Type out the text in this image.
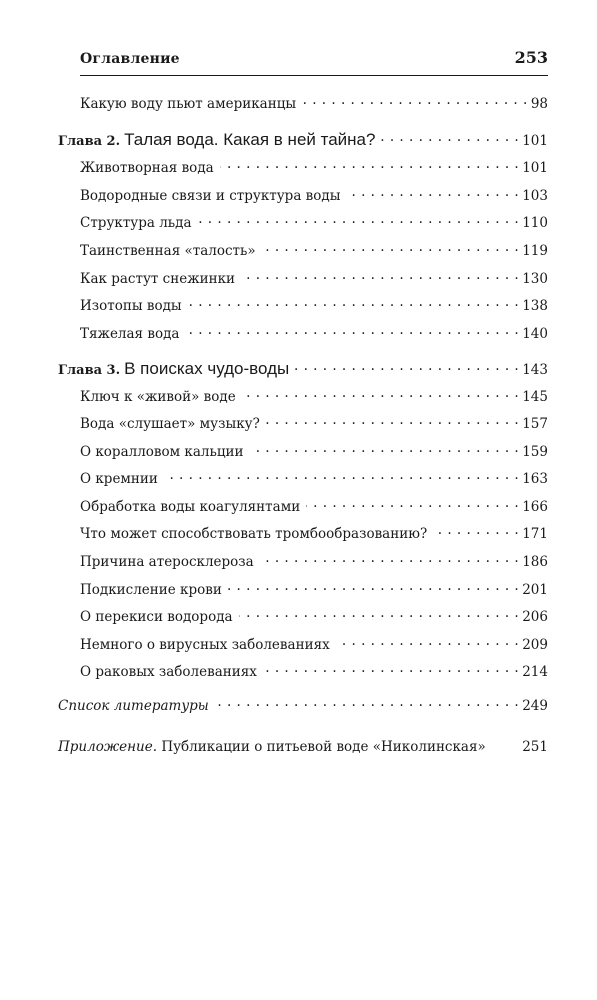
Оглавление	253
Какую воду пьют американцы . . .	98
Глава 2. Талая вода. Какая в ней тайна? . . .	101
Животворная вода . . .	101
Водородные связи и структура воды . . .	103
Структура льда . . .	110
Таинственная «талость» . . .	119
Как растут снежинки . . .	130
Изотопы воды . . .	138
Тяжелая вода . . .	140
Глава 3. В поисках чудо-воды . . .	143
Ключ к «живой» воде . . .	145
Вода «слушает» музыку? . . .	157
О коралловом кальции . . .	159
О кремнии . . .	163
Обработка воды коагулянтами . . .	166
Что может способствовать тромбообразованию? . . .	171
Причина атеросклероза . . .	186
Подкисление крови . . .	201
О перекиси водорода . . .	206
Немного о вирусных заболеваниях . . .	209
О раковых заболеваниях . . .	214
Список литературы . . .	249
Приложение. Публикации о питьевой воде «Николинская»	251
